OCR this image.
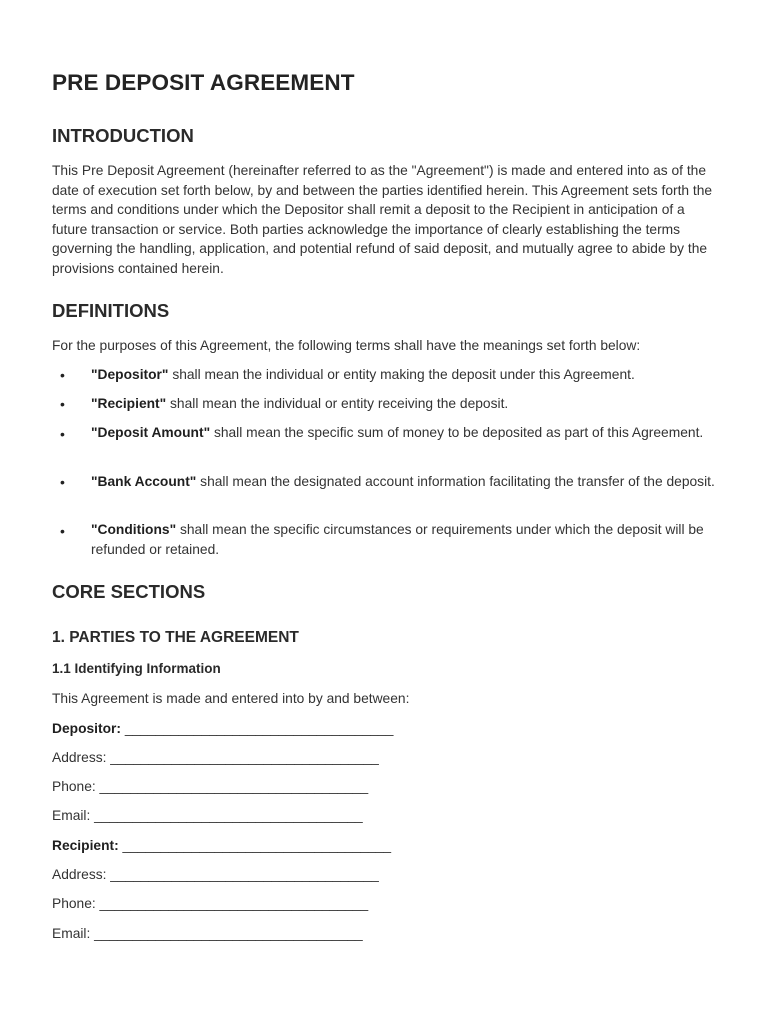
PRE DEPOSIT AGREEMENT
INTRODUCTION

This Pre Deposit Agreement (hereinafter referred to as the "Agreement") is made and entered into as of the date of execution set forth below, by and between the parties identified herein. This Agreement sets forth the terms and conditions under which the Depositor shall remit a deposit to the Recipient in anticipation of a future transaction or service. Both parties acknowledge the importance of clearly establishing the terms governing the handling, application, and potential refund of said deposit, and mutually agree to abide by the provisions contained herein.

DEFINITIONS

For the purposes of this Agreement, the following terms shall have the meanings set forth below:

• "Depositor" shall mean the individual or entity making the deposit under this Agreement.

• "Recipient" shall mean the individual or entity receiving the deposit.

• "Deposit Amount" shall mean the specific sum of money to be deposited as part of this Agreement.

• "Bank Account" shall mean the designated account information facilitating the transfer of the deposit.

• "Conditions" shall mean the specific circumstances or requirements under which the deposit will be refunded or retained.

CORE SECTIONS
1. PARTIES TO THE AGREEMENT
1.1 Identifying Information

This Agreement is made and entered into by and between:

Depositor: ___________________________________

Address: ___________________________________

Phone: ___________________________________

Email: ___________________________________

Recipient: ___________________________________

Address: ___________________________________

Phone: ___________________________________

Email: ___________________________________
